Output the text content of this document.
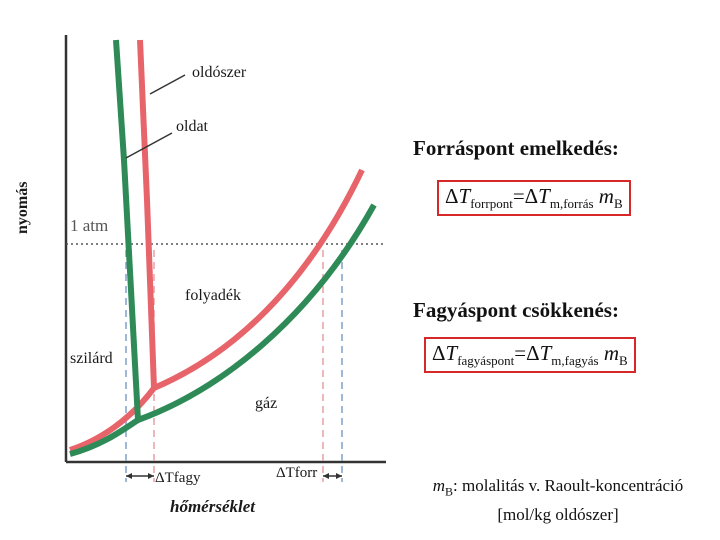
nyomás
hőmérséklet
1 atm
oldószer
oldat
folyadék
szilárd
gáz
ΔTfagy	ΔTforr
Forráspont emelkedés:
$\Delta T_{forrpont}=\Delta T_{m,forrás}$ $m_B$
Fagyáspont csökkenés:
$\Delta T_{fagyáspont}=\Delta T_{m,fagyás}$ $m_B$
$m_B$: molalitás v. Raoult-koncentráció
[mol/kg oldószer]
